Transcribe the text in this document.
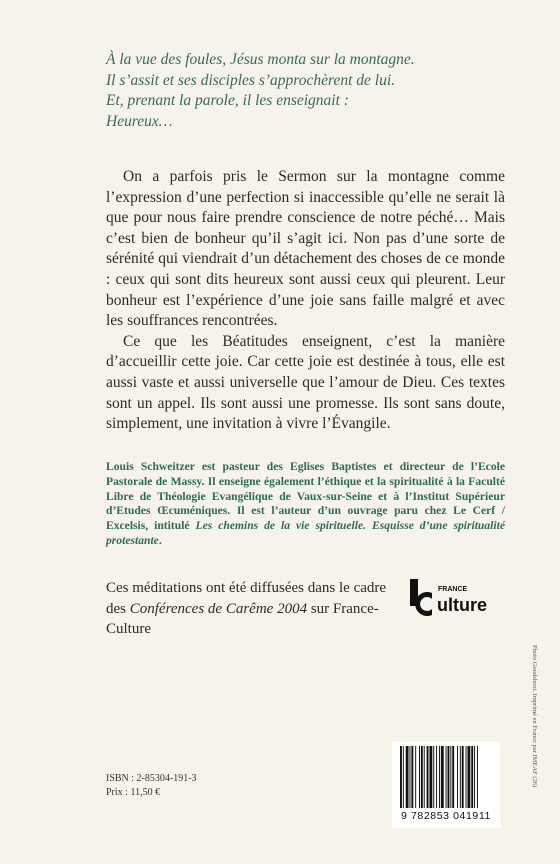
À la vue des foules, Jésus monta sur la montagne.
Il s’assit et ses disciples s’approchèrent de lui.
Et, prenant la parole, il les enseignait :
Heureux…

On a parfois pris le Sermon sur la montagne comme l’expression d’une perfection si inaccessible qu’elle ne serait là que pour nous faire prendre conscience de notre péché… Mais c’est bien de bonheur qu’il s’agit ici. Non pas d’une sorte de sérénité qui viendrait d’un détachement des choses de ce monde : ceux qui sont dits heureux sont aussi ceux qui pleurent. Leur bonheur est l’expérience d’une joie sans faille malgré et avec les souffrances rencontrées.

Ce que les Béatitudes enseignent, c’est la manière d’accueillir cette joie. Car cette joie est destinée à tous, elle est aussi vaste et aussi universelle que l’amour de Dieu. Ces textes sont un appel. Ils sont aussi une promesse. Ils sont sans doute, simplement, une invitation à vivre l’Évangile.

Louis Schweitzer est pasteur des Eglises Baptistes et directeur de l’Ecole Pastorale de Massy. Il enseigne également l’éthique et la spiritualité à la Faculté Libre de Théologie Evangélique de Vaux-sur-Seine et à l’Institut Supérieur d’Etudes Œcuméniques. Il est l’auteur d’un ouvrage paru chez Le Cerf / Excelsis, intitulé Les chemins de la vie spirituelle. Esquisse d’une spiritualité protestante.
Ces méditations ont été diffusées dans le cadre
des Conférences de Carême 2004 sur France-Culture
FRANCE
ulture
ISBN : 2-85304-191-3
Prix : 11,50 €
9 782853 041911
Photo Goodshoot. Imprimé en France par IMEAF (26)
